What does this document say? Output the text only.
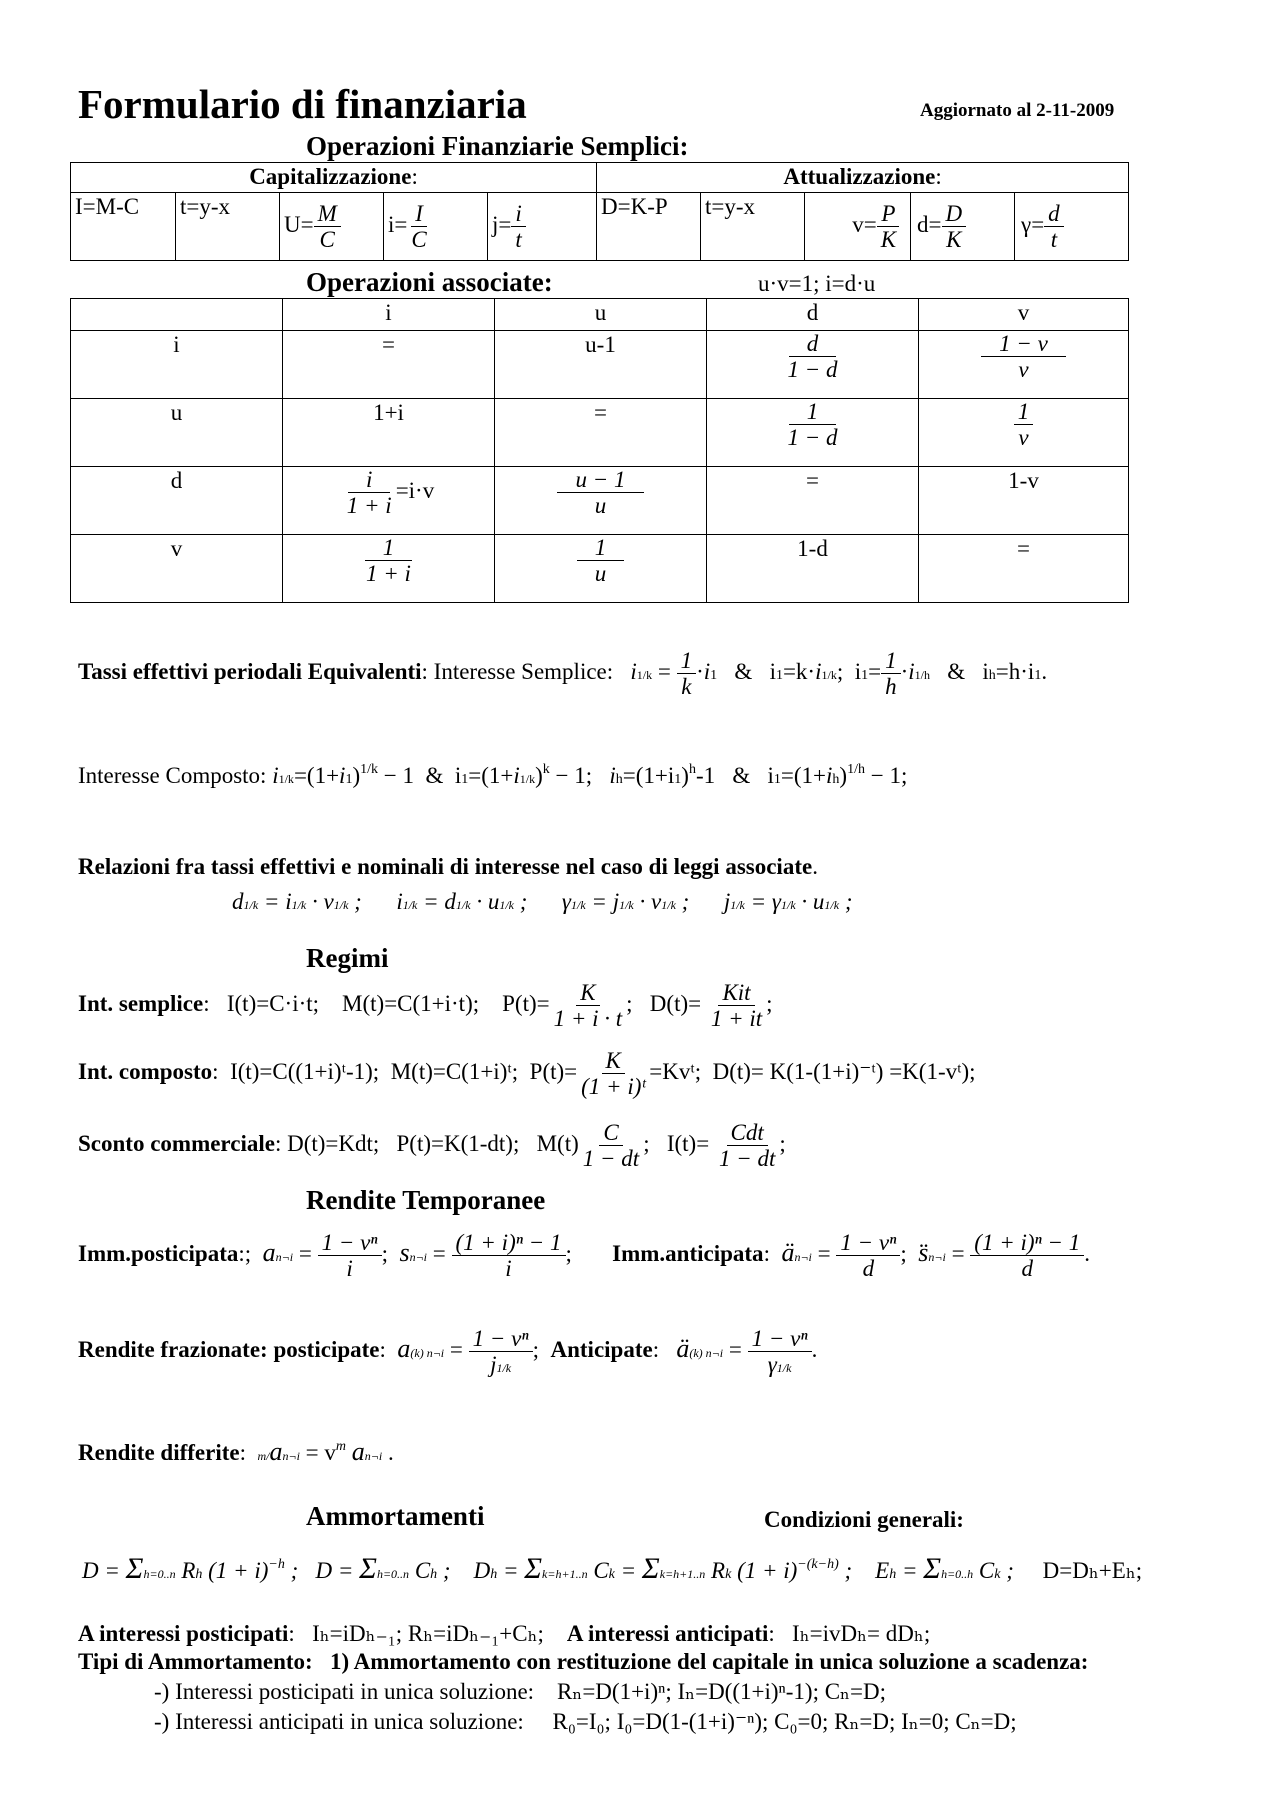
Formulario di finanziaria	Aggiornato al 2-11-2009
Operazioni Finanziarie Semplici:
Capitalizzazione:					Attualizzazione:				
I=M-C	t=y-x	$U= \frac{M}{C}$	$i= \frac{I}{C}$	$j= \frac{i}{t}$	D=K-P	t=y-x	$v= \frac{P}{K}$	$d= \frac{D}{K}$	$\gamma= \frac{d}{t}$
Operazioni associate:	u·v=1; i=d·u
	i	u	d	v
i	=	u-1	$\frac{d}{1 - d}$	$\frac{1 - v}{v}$

u	1+i	=	$\frac{1}{1 - d}$	$\frac{1}{v}$

d	$\frac{i}{1 + i} =i\cdot v$	$\frac{u - 1}{u}$	=	1-v
v	$\frac{1}{1 + i}$	$\frac{1}{u}$	1-d	=
Tassi effettivi periodali Equivalenti: Interesse Semplice: $i1/k = \frac{1}{k} \cdot i1$ &   i1=k·i1/k;  $i1= \frac{1}{h} \cdot i1/h$ &   ih=h·i1.
Interesse Composto: $i1/k=(1+i1)^{1/k} - 1$  &  $i1=(1+i1/k)^k - 1$;   $ih=(1+i1)^h-1$   &   $i1=(1+ih)^{1/h} - 1$;
Relazioni fra tassi effettivi e nominali di interesse nel caso di leggi associate.
d1/k = i1/k · v1/k ;      i1/k = d1/k · u1/k ;      γ1/k = j1/k · v1/k ;      j1/k = γ1/k · u1/k ;
Regimi
Int. semplice:   I(t)=C·i·t; M(t)=C(1+i·t);    $P(t)= \frac{K}{1 + i \cdot t}$ ;   $D(t)= \frac{\text{Kit}}{1 + it}$ ;
Int. composto:  I(t)=C((1+i)ᵗ-1); M(t)=C(1+i)ᵗ;  $P(t)= \frac{K}{\text{(1 + i)ᵗ}}$ =Kvᵗ;  D(t)= K(1-(1+i)⁻ᵗ) =K(1-vᵗ);
Sconto commerciale: D(t)=Kdt; P(t)=K(1-dt);   $M(t) \frac{C}{1 - dt}$ ;   $I(t)= \frac{\text{Cdt}}{1 - dt}$ ;
Rendite Temporanee
Imm.posticipata:;  an¬i = $\frac{\text{1 − vⁿ}}{i}$ ;  sn¬i = $\frac{\text{(1 + i)ⁿ − 1}}{i}$ ;       Imm.anticipata:  än¬i = $\frac{\text{1 − vⁿ}}{d}$ ;  s̈n¬i = $\frac{\text{(1 + i)ⁿ − 1}}{d}$ .
Rendite frazionate: posticipate:  a(k) n¬i = $\frac{\text{1 − vⁿ}}{j1/k}$ ;  Anticipate:   ä(k) n¬i = $\frac{\text{1 − vⁿ}}{\gamma 1/k}$ .
Rendite differite:  m/an¬i = $v^m$ an¬i .
Ammortamenti	Condizioni generali:
D = Σh=0..n Rh $(1 + i)^{-h}$ ;   D = Σh=0..n Ch ;    Dh = Σk=h+1..n Ck = Σk=h+1..n Rk $(1 + i)^{-(k-h)}$ ;    Eh = Σh=0..h Ck ;     D=Dₕ+Eₕ;
A interessi posticipati:   Iₕ=iDₕ₋₁; Rₕ=iDₕ₋₁+Cₕ; A interessi anticipati:   Iₕ=ivDₕ= dDₕ;
Tipi di Ammortamento: 1) Ammortamento con restituzione del capitale in unica soluzione a scadenza:
-) Interessi posticipati in unica soluzione: Rₙ=D(1+i)ⁿ; Iₙ=D((1+i)ⁿ-1); Cₙ=D;
-) Interessi anticipati in unica soluzione: R₀=I₀; I₀=D(1-(1+i)⁻ⁿ); C₀=0; Rₙ=D; Iₙ=0; Cₙ=D;
